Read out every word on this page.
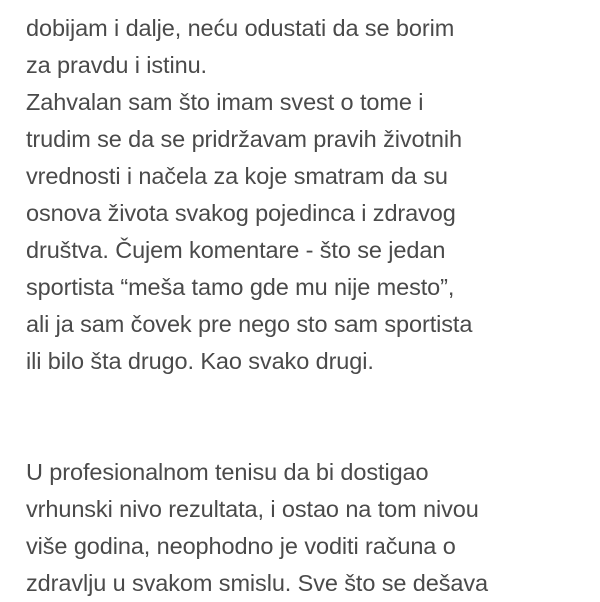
dobijam i dalje, neću odustati da se borim
za pravdu i istinu.
Zahvalan sam što imam svest o tome i
trudim se da se pridržavam pravih životnih
vrednosti i načela za koje smatram da su
osnova života svakog pojedinca i zdravog
društva. Čujem komentare - što se jedan
sportista “meša tamo gde mu nije mesto”,
ali ja sam čovek pre nego sto sam sportista
ili bilo šta drugo. Kao svako drugi.
U profesionalnom tenisu da bi dostigao
vrhunski nivo rezultata, i ostao na tom nivou
više godina, neophodno je voditi računa o
zdravlju u svakom smislu. Sve što se dešava
